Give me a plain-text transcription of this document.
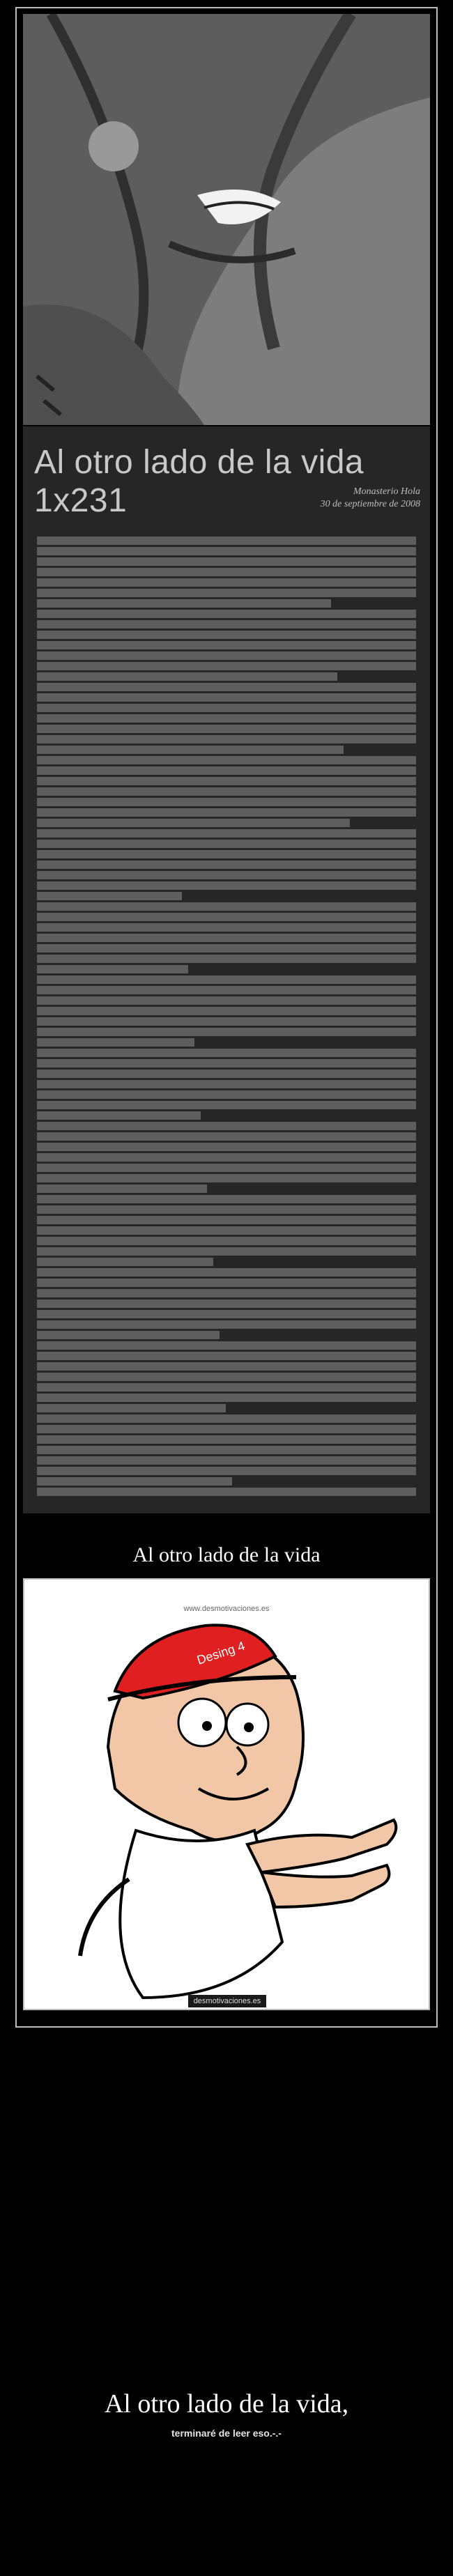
Al otro lado de la vida 1x231	Monasterio Hola
30 de septiembre de 2008
Al otro lado de la vida
Desing 4
www.desmotivaciones.es
desmotivaciones.es
Al otro lado de la vida,
terminaré de leer eso.-.-
